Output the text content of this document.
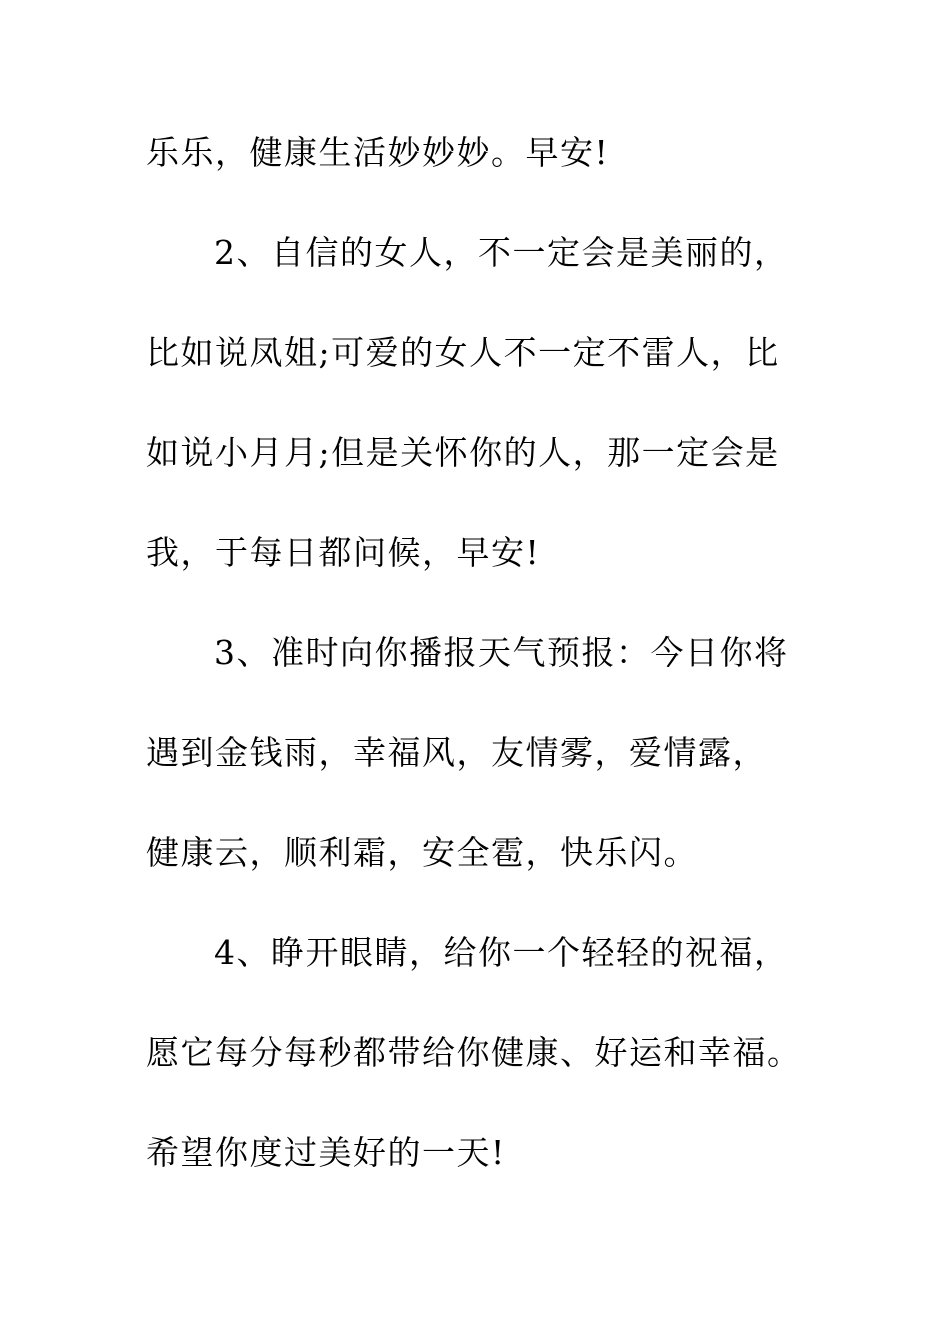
乐乐，健康生活妙妙妙。早安!
2、自信的女人，不一定会是美丽的，
比如说凤姐;可爱的女人不一定不雷人，比
如说小月月;但是关怀你的人，那一定会是
我，于每日都问候，早安!
3、准时向你播报天气预报：今日你将
遇到金钱雨，幸福风，友情雾，爱情露，
健康云，顺利霜，安全雹，快乐闪。
4、睁开眼睛，给你一个轻轻的祝福，
愿它每分每秒都带给你健康、好运和幸福。
希望你度过美好的一天!
